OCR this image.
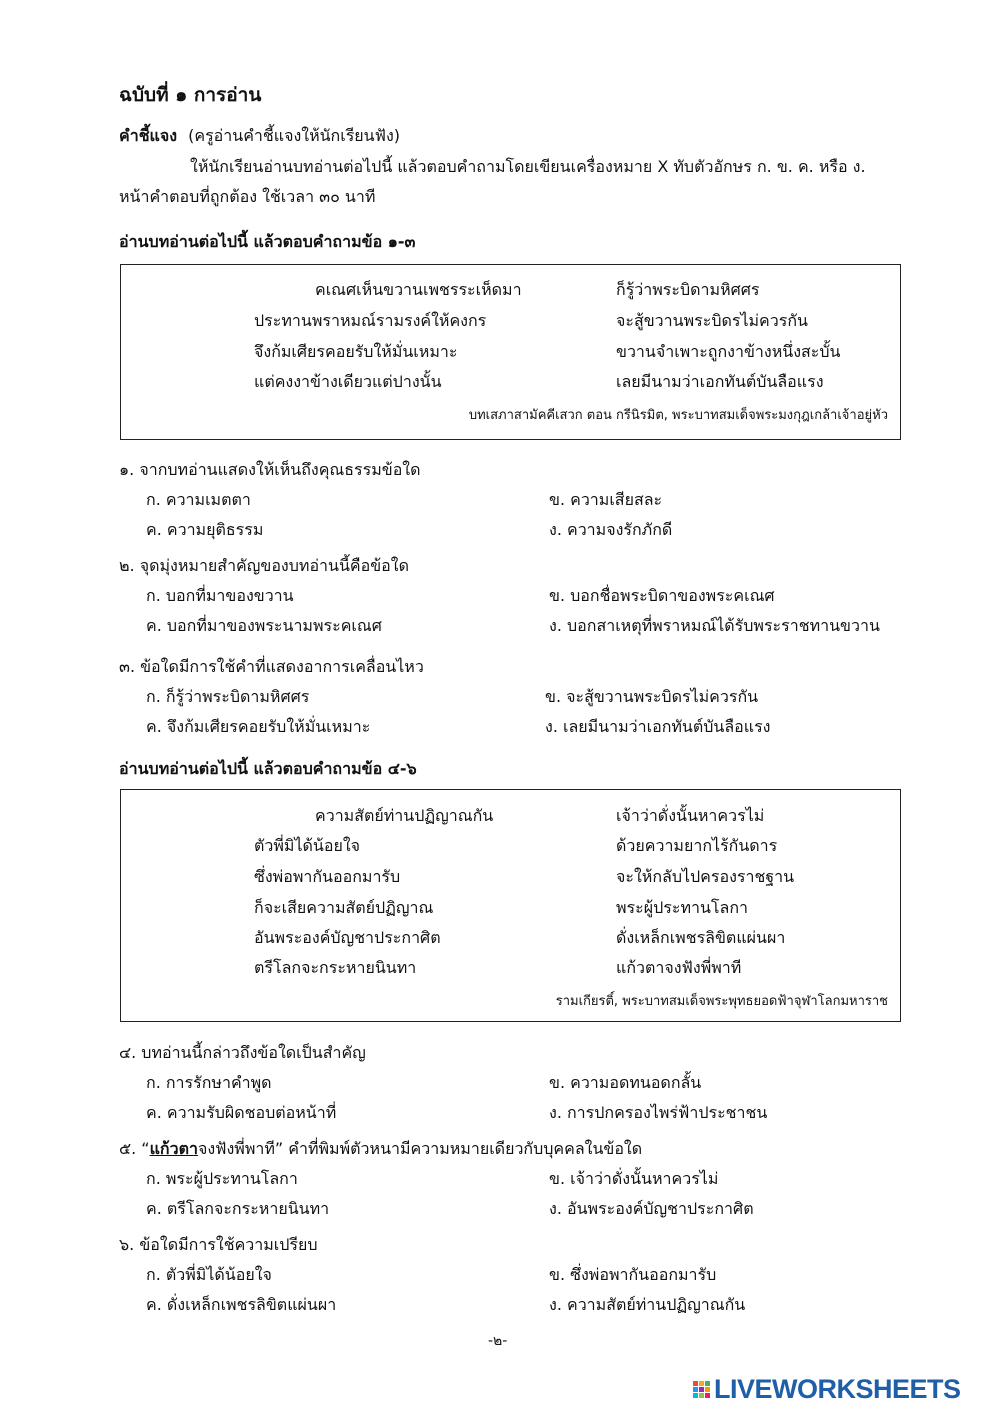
ฉบับที่ ๑ การอ่าน
คำชี้แจง (ครูอ่านคำชี้แจงให้นักเรียนฟัง)
ให้นักเรียนอ่านบทอ่านต่อไปนี้ แล้วตอบคำถามโดยเขียนเครื่องหมาย X ทับตัวอักษร ก. ข. ค. หรือ ง.
หน้าคำตอบที่ถูกต้อง ใช้เวลา ๓๐ นาที
อ่านบทอ่านต่อไปนี้ แล้วตอบคำถามข้อ ๑-๓
คเณศเห็นขวานเพชรระเห็ดมา	ก็รู้ว่าพระบิดามหิศศร
ประทานพราหมณ์รามรงค์ให้คงกร	จะสู้ขวานพระบิดรไม่ควรกัน
จึงก้มเศียรคอยรับให้มั่นเหมาะ	ขวานจำเพาะถูกงาข้างหนึ่งสะบั้น
แต่คงงาข้างเดียวแต่ปางนั้น	เลยมีนามว่าเอกทันต์บันลือแรง
บทเสภาสามัคคีเสวก ตอน กรีนิรมิต, พระบาทสมเด็จพระมงกุฎเกล้าเจ้าอยู่หัว
๑. จากบทอ่านแสดงให้เห็นถึงคุณธรรมข้อใด
ก. ความเมตตา	ข. ความเสียสละ
ค. ความยุติธรรม	ง. ความจงรักภักดี
๒. จุดมุ่งหมายสำคัญของบทอ่านนี้คือข้อใด
ก. บอกที่มาของขวาน	ข. บอกชื่อพระบิดาของพระคเณศ
ค. บอกที่มาของพระนามพระคเณศ	ง. บอกสาเหตุที่พราหมณ์ได้รับพระราชทานขวาน
๓. ข้อใดมีการใช้คำที่แสดงอาการเคลื่อนไหว
ก. ก็รู้ว่าพระบิดามหิศศร	ข. จะสู้ขวานพระบิดรไม่ควรกัน
ค. จึงก้มเศียรคอยรับให้มั่นเหมาะ	ง. เลยมีนามว่าเอกทันต์บันลือแรง
อ่านบทอ่านต่อไปนี้ แล้วตอบคำถามข้อ ๔-๖
ความสัตย์ท่านปฏิญาณกัน	เจ้าว่าดั่งนั้นหาควรไม่
ตัวพี่มิได้น้อยใจ	ด้วยความยากไร้กันดาร
ซึ่งพ่อพากันออกมารับ	จะให้กลับไปครองราชฐาน
ก็จะเสียความสัตย์ปฏิญาณ	พระผู้ประทานโลกา
อันพระองค์บัญชาประกาศิต	ดั่งเหล็กเพชรลิขิตแผ่นผา
ตรีโลกจะกระหายนินทา	แก้วตาจงฟังพี่พาที
รามเกียรติ์, พระบาทสมเด็จพระพุทธยอดฟ้าจุฬาโลกมหาราช
๔. บทอ่านนี้กล่าวถึงข้อใดเป็นสำคัญ
ก. การรักษาคำพูด	ข. ความอดทนอดกลั้น
ค. ความรับผิดชอบต่อหน้าที่	ง. การปกครองไพร่ฟ้าประชาชน
๕. “แก้วตาจงฟังพี่พาที” คำที่พิมพ์ตัวหนามีความหมายเดียวกับบุคคลในข้อใด
ก. พระผู้ประทานโลกา	ข. เจ้าว่าดั่งนั้นหาควรไม่
ค. ตรีโลกจะกระหายนินทา	ง. อันพระองค์บัญชาประกาศิต
๖. ข้อใดมีการใช้ความเปรียบ
ก. ตัวพี่มิได้น้อยใจ	ข. ซึ่งพ่อพากันออกมารับ
ค. ดั่งเหล็กเพชรลิขิตแผ่นผา	ง. ความสัตย์ท่านปฏิญาณกัน
-๒-
LIVEWORKSHEETS
